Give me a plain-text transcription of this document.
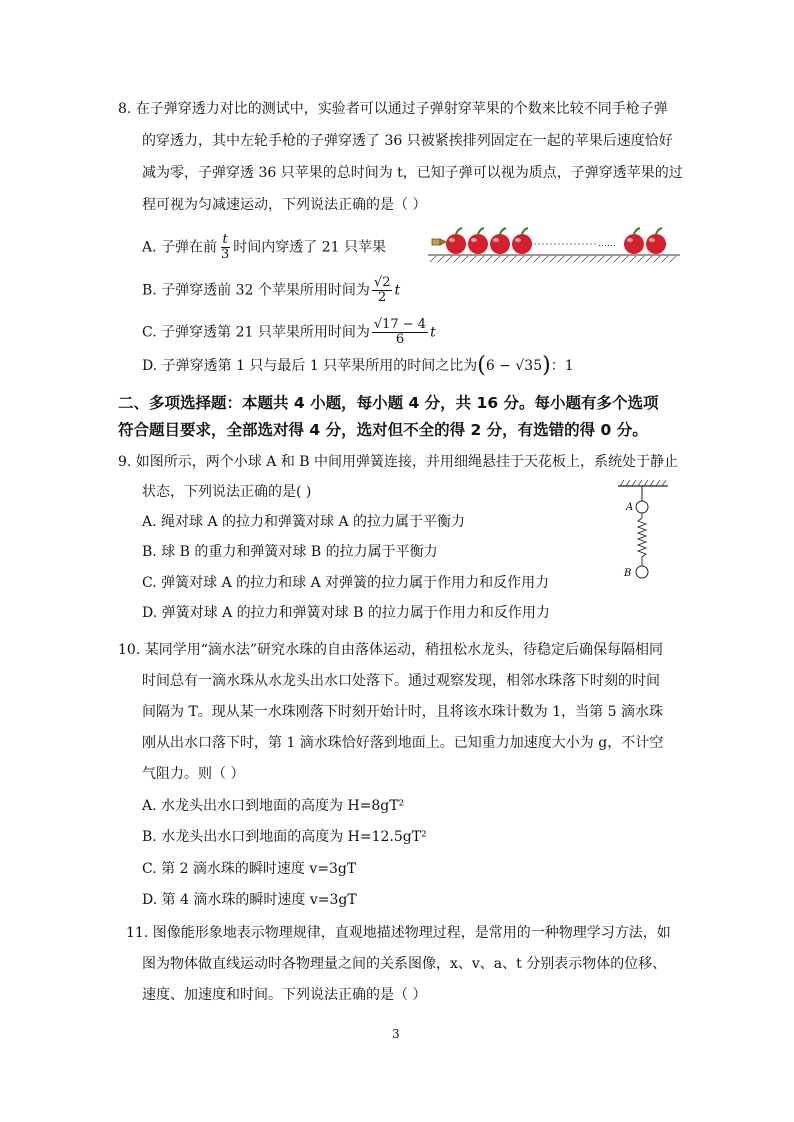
8. 在子弹穿透力对比的测试中，实验者可以通过子弹射穿苹果的个数来比较不同手枪子弹
的穿透力，其中左轮手枪的子弹穿透了 36 只被紧挨排列固定在一起的苹果后速度恰好
减为零，子弹穿透 36 只苹果的总时间为 t，已知子弹可以视为质点，子弹穿透苹果的过
程可视为匀减速运动，下列说法正确的是（ ）
A. 子弹在前 $\frac{t}{3}$ 时间内穿透了 21 只苹果	……
B. 子弹穿透前 32 个苹果所用时间为 $\frac{√2}{2}$ t
C. 子弹穿透第 21 只苹果所用时间为 $\frac{√17 - 4}{6}$ t
D. 子弹穿透第 1 只与最后 1 只苹果所用的时间之比为(6 − √35)：1
二、多项选择题：本题共 4 小题，每小题 4 分，共 16 分。每小题有多个选项
符合题目要求，全部选对得 4 分，选对但不全的得 2 分，有选错的得 0 分。
9. 如图所示，两个小球 A 和 B 中间用弹簧连接，并用细绳悬挂于天花板上，系统处于静止
状态，下列说法正确的是( )
A. 绳对球 A 的拉力和弹簧对球 A 的拉力属于平衡力
B. 球 B 的重力和弹簧对球 B 的拉力属于平衡力
C. 弹簧对球 A 的拉力和球 A 对弹簧的拉力属于作用力和反作用力
D. 弹簧对球 A 的拉力和弹簧对球 B 的拉力属于作用力和反作用力
A
B
10. 某同学用“滴水法”研究水珠的自由落体运动，稍扭松水龙头，待稳定后确保每隔相同
时间总有一滴水珠从水龙头出水口处落下。通过观察发现，相邻水珠落下时刻的时间
间隔为 T。现从某一水珠刚落下时刻开始计时，且将该水珠计数为 1，当第 5 滴水珠
刚从出水口落下时，第 1 滴水珠恰好落到地面上。已知重力加速度大小为 g，不计空
气阻力。则（ ）
A. 水龙头出水口到地面的高度为 H=8gT²
B. 水龙头出水口到地面的高度为 H=12.5gT²
C. 第 2 滴水珠的瞬时速度 v=3gT
D. 第 4 滴水珠的瞬时速度 v=3gT
11. 图像能形象地表示物理规律，直观地描述物理过程，是常用的一种物理学习方法，如
图为物体做直线运动时各物理量之间的关系图像，x、v、a、t 分别表示物体的位移、
速度、加速度和时间。下列说法正确的是（ ）
3
